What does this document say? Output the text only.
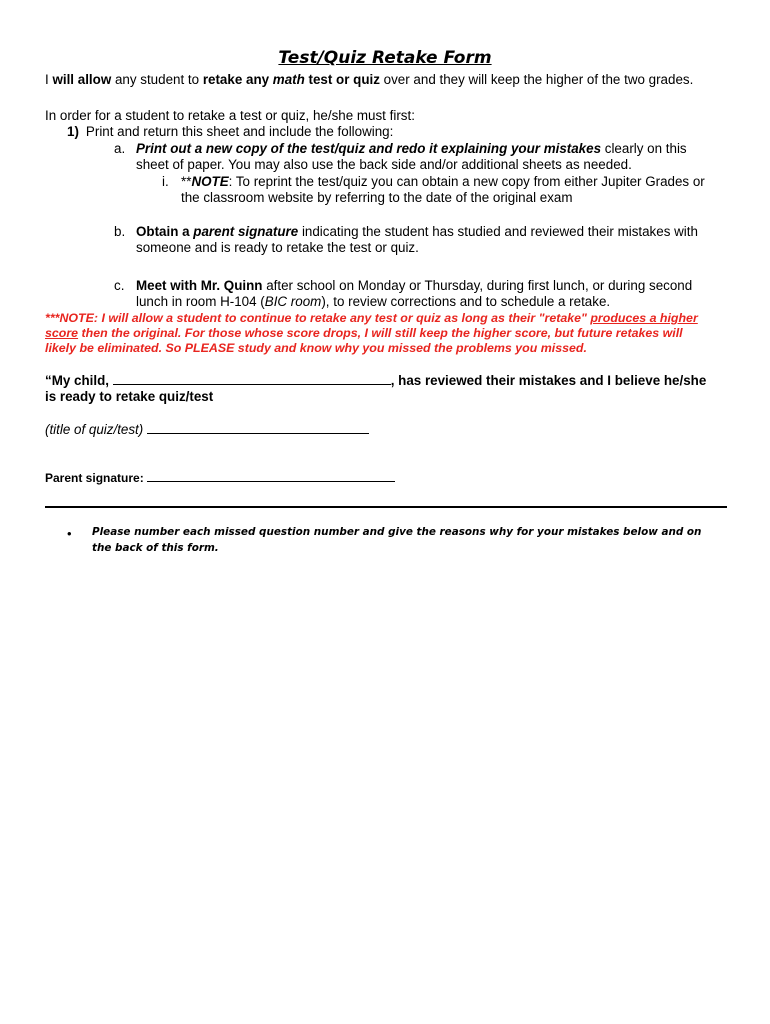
Test/Quiz Retake Form
I will allow any student to retake any math test or quiz over and they will keep the higher of the two grades.
In order for a student to retake a test or quiz, he/she must first:
1) Print and return this sheet and include the following:
a. Print out a new copy of the test/quiz and redo it explaining your mistakes clearly on this
sheet of paper. You may also use the back side and/or additional sheets as needed.
i. **NOTE: To reprint the test/quiz you can obtain a new copy from either Jupiter Grades or
the classroom website by referring to the date of the original exam
b. Obtain a parent signature indicating the student has studied and reviewed their mistakes with
someone and is ready to retake the test or quiz.
c. Meet with Mr. Quinn after school on Monday or Thursday, during first lunch, or during second
lunch in room H-104 (BIC room), to review corrections and to schedule a retake.
***NOTE: I will allow a student to continue to retake any test or quiz as long as their "retake" produces a higher
score then the original. For those whose score drops, I will still keep the higher score, but future retakes will
likely be eliminated. So PLEASE study and know why you missed the problems you missed.
“My child,	, has reviewed their mistakes and I believe he/she
is ready to retake quiz/test
(title of quiz/test)
Parent signature:
• Please number each missed question number and give the reasons why for your mistakes below and on the back of this form.
